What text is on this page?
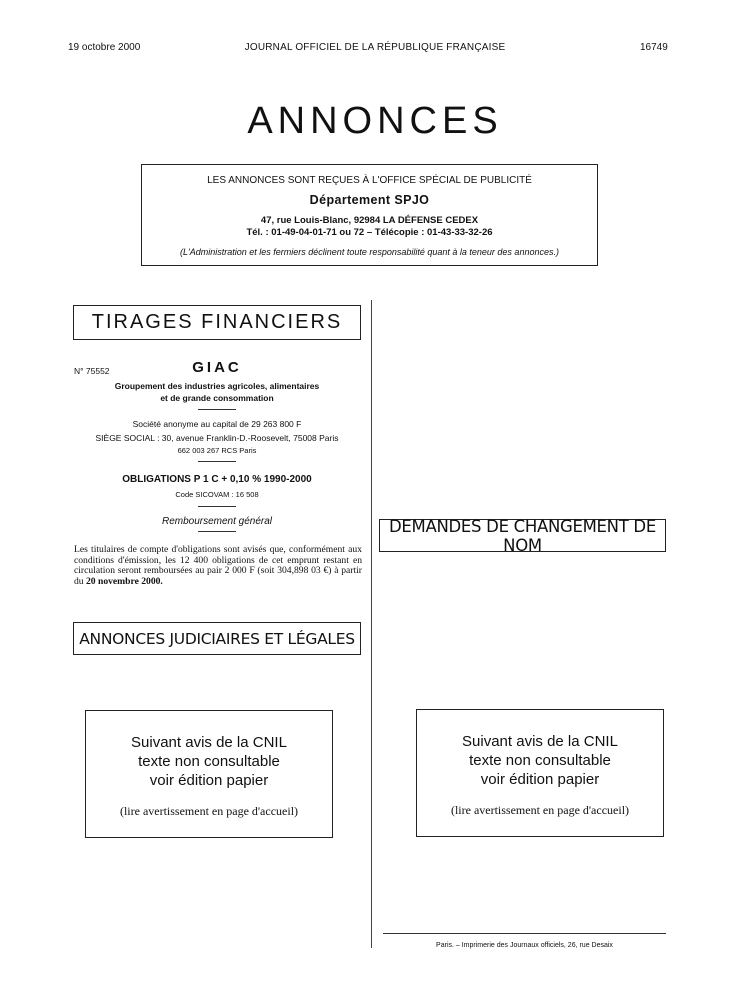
19 octobre 2000	JOURNAL OFFICIEL DE LA RÉPUBLIQUE FRANÇAISE	16749
ANNONCES
LES ANNONCES SONT REÇUES À L'OFFICE SPÉCIAL DE PUBLICITÉ
Département SPJO
47, rue Louis-Blanc, 92984 LA DÉFENSE CEDEX
Tél. : 01-49-04-01-71 ou 72 – Télécopie : 01-43-33-32-26
(L'Administration et les fermiers déclinent toute responsabilité quant à la teneur des annonces.)
TIRAGES FINANCIERS
DEMANDES DE CHANGEMENT DE NOM
ANNONCES JUDICIAIRES ET LÉGALES
N° 75552	GIAC
Groupement des industries agricoles, alimentaires
et de grande consommation
Société anonyme au capital de 29 263 800 F
SIÈGE SOCIAL : 30, avenue Franklin-D.-Roosevelt, 75008 Paris
662 003 267 RCS Paris
OBLIGATIONS P 1 C + 0,10 % 1990-2000
Code SICOVAM : 16 508
Remboursement général
Les titulaires de compte d'obligations sont avisés que, conformément aux conditions d'émission, les 12 400 obligations de cet emprunt restant en circulation seront remboursées au pair 2 000 F (soit 304,898 03 €) à partir du 20 novembre 2000.
Suivant avis de la CNIL
texte non consultable
voir édition papier
(lire avertissement en page d'accueil)
Suivant avis de la CNIL
texte non consultable
voir édition papier
(lire avertissement en page d'accueil)
Paris. – Imprimerie des Journaux officiels, 26, rue Desaix
